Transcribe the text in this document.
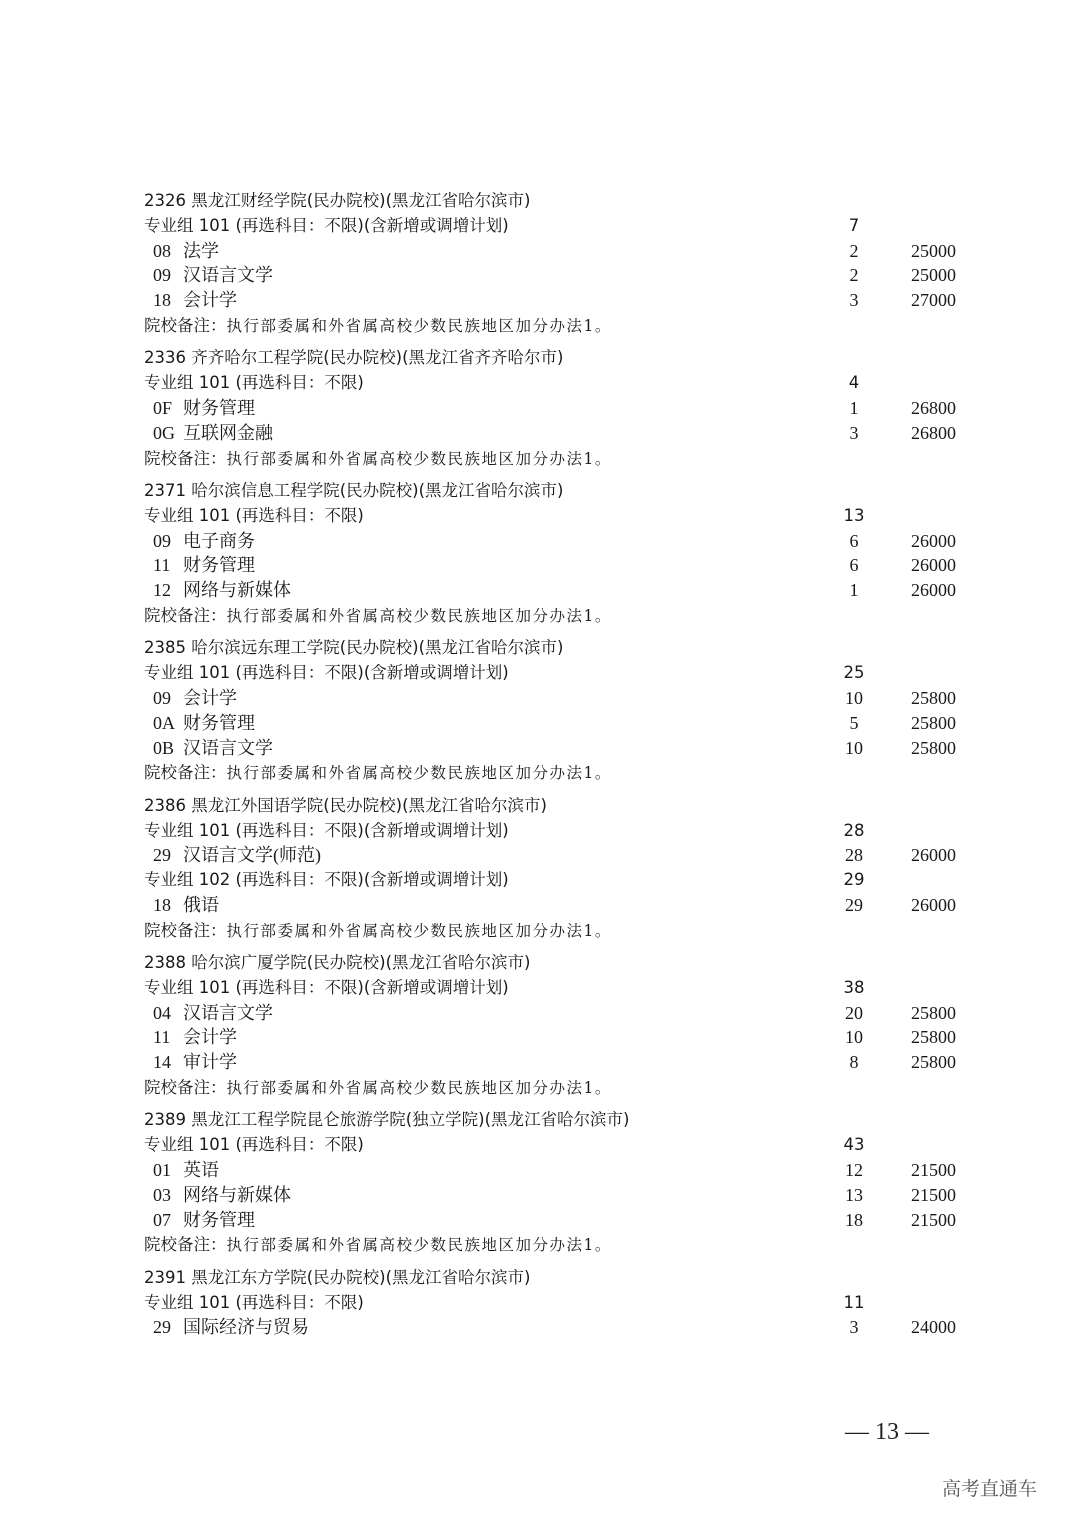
2326 黑龙江财经学院(民办院校)(黑龙江省哈尔滨市)
专业组 101 (再选科目：不限)(含新增或调增计划)	7
08 法学	2	25000
09 汉语言文学	2	25000
18 会计学	3	27000
院校备注：执行部委属和外省属高校少数民族地区加分办法1。
2336 齐齐哈尔工程学院(民办院校)(黑龙江省齐齐哈尔市)
专业组 101 (再选科目：不限)	4
0F 财务管理	1	26800
0G 互联网金融	3	26800
院校备注：执行部委属和外省属高校少数民族地区加分办法1。
2371 哈尔滨信息工程学院(民办院校)(黑龙江省哈尔滨市)
专业组 101 (再选科目：不限)	13
09 电子商务	6	26000
11 财务管理	6	26000
12 网络与新媒体	1	26000
院校备注：执行部委属和外省属高校少数民族地区加分办法1。
2385 哈尔滨远东理工学院(民办院校)(黑龙江省哈尔滨市)
专业组 101 (再选科目：不限)(含新增或调增计划)	25
09 会计学	10	25800
0A 财务管理	5	25800
0B 汉语言文学	10	25800
院校备注：执行部委属和外省属高校少数民族地区加分办法1。
2386 黑龙江外国语学院(民办院校)(黑龙江省哈尔滨市)
专业组 101 (再选科目：不限)(含新增或调增计划)	28
29 汉语言文学(师范)	28	26000
专业组 102 (再选科目：不限)(含新增或调增计划)	29
18 俄语	29	26000
院校备注：执行部委属和外省属高校少数民族地区加分办法1。
2388 哈尔滨广厦学院(民办院校)(黑龙江省哈尔滨市)
专业组 101 (再选科目：不限)(含新增或调增计划)	38
04 汉语言文学	20	25800
11 会计学	10	25800
14 审计学	8	25800
院校备注：执行部委属和外省属高校少数民族地区加分办法1。
2389 黑龙江工程学院昆仑旅游学院(独立学院)(黑龙江省哈尔滨市)
专业组 101 (再选科目：不限)	43
01 英语	12	21500
03 网络与新媒体	13	21500
07 财务管理	18	21500
院校备注：执行部委属和外省属高校少数民族地区加分办法1。
2391 黑龙江东方学院(民办院校)(黑龙江省哈尔滨市)
专业组 101 (再选科目：不限)	11
29 国际经济与贸易	3	24000
— 13 —
高考直通车
